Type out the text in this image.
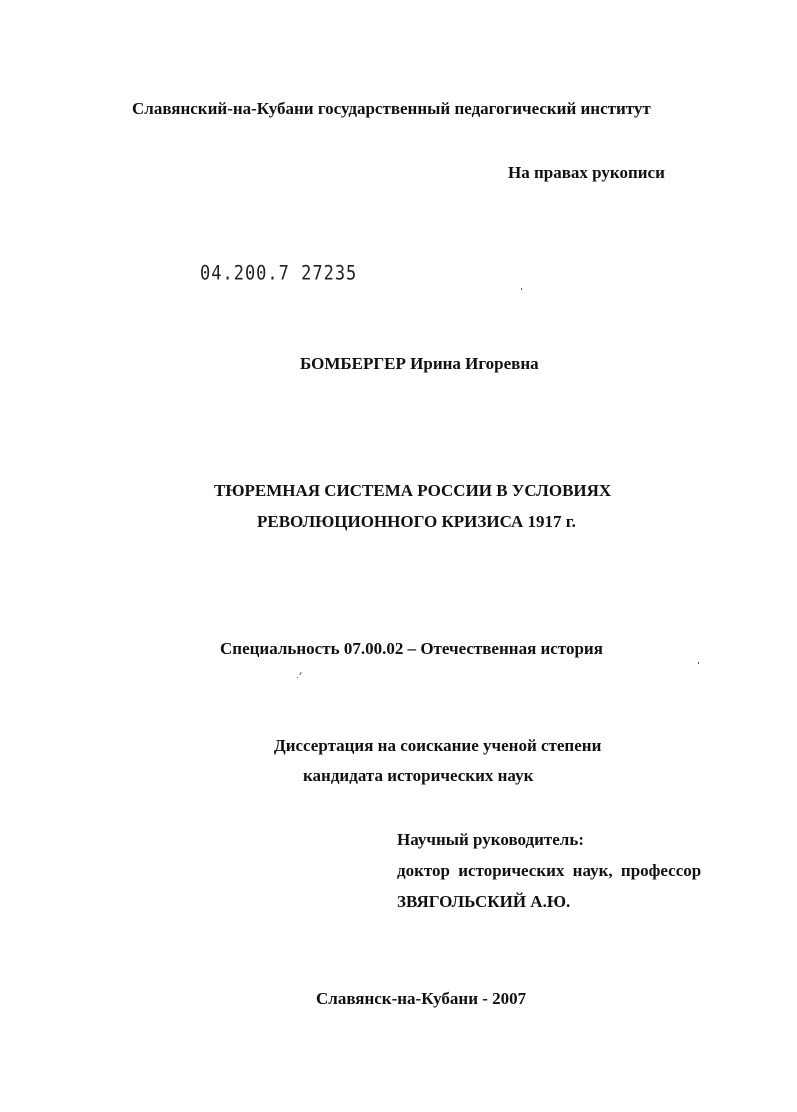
Славянский-на-Кубани государственный педагогический институт
На правах рукописи
04.200.7 27235
БОМБЕРГЕР Ирина Игоревна
ТЮРЕМНАЯ СИСТЕМА РОССИИ В УСЛОВИЯХ
РЕВОЛЮЦИОННОГО КРИЗИСА 1917 г.
Специальность 07.00.02 – Отечественная история
Диссертация на соискание ученой степени
кандидата исторических наук
Научный руководитель:
доктор исторических наук, профессор
ЗВЯГОЛЬСКИЙ А.Ю.
Славянск-на-Кубани - 2007
